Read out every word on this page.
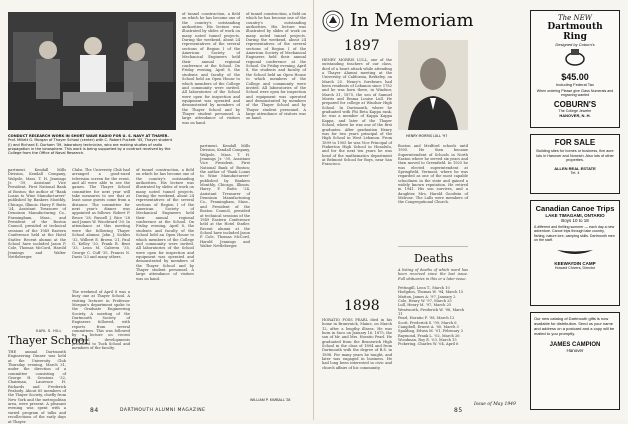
of tunnel construction, a field on which he has become one of the country's outstanding authorities. His lecture was illustrated by slides of work on many noted tunnel projects. During the weekend, about 24 representatives of the several sections of Region I of the American Society of Mechanical Engineers held their annual regional conference at the School. On Friday evening, April 8, the students and faculty of the School held an Open House to which members of the College and community were invited. All laboratories of the School were open for inspection and equipment was operated and demonstrated by members of the Thayer School and by Thayer student personnel. A large attendance of visitors was on hand.
of tunnel construction, a field on which he has become one of the country's outstanding authorities. His lecture was illustrated by slides of work on many noted tunnel projects. During the weekend, about 24 representatives of the several sections of Region I of the American Society of Mechanical Engineers held their annual regional conference at the School. On Friday evening, April 8, the students and faculty of the School held an Open House to which members of the College and community were invited. All laboratories of the School were open for inspection and equipment was operated and demonstrated by members of the Thayer School and by Thayer student personnel. A large attendance of visitors was on hand.
CONDUCT RESEARCH WORK IN SHORT WAVE RADIO FOR U. S. NAVY AT THAYER. Prof. Millett G. Morgan of Thayer School (center) with C. Robert Puckett '45, Thayer student (l) and Richard E. Durham '39, laboratory technician, who are making studies of radio propagation in the ionosphere. This work is being supported by a contract received by the College from the Office of Naval Research.
partment. Kendall Mills Division, Kendall Company, Walpole, Mass. T. H. Jennings Jr. '39, Assistant Vice President, First National Bank of Boston; the author of "Bank Loans to Wine Manufacturers" published by Bankers Monthly, Chicago, Illinois. Harry F. Butts '24, Assistant Treasurer of Dennison Manufacturing Co., Framingham, Mass., and President of the Boston Council, presided at technical sessions of the 1949 Eastern Conference held at the Hotel Statler. Recent alumni at the School have included Jason P. Cole, Thomas McCord, Harold Jennings and Walter Nettleberger.
KARL S. HILL
Thayer School
THE annual Dartmouth Engineering Dinner was held at the University Club Thursday evening, March 31, under the direction of a committee consisting of George H. Sessions '32, Chairman, Laurence H. Richards and Frederick Peabody. About 65 members of the Thayer Society, chiefly from New York and the metropolitan area, were present. A pleasant evening was spent with a varied program of talks and recollections of the early days at Thayer.
Clubs. The University Club had arranged a good-sized television screen for the event, and all were able to see the games. The Thayer School committee for next year will take measures to see that at least some guests come from a distance. The committee for next year's dinner was appointed as follows: Robert P. Bruce '28, Russell J. Rice '28 and James W. Woodward '30. In attendance at this meeting were the following Thayer School alumni: John J. Sickles '32, Wilbert E. Brown '21, Paul G. Kelley '20, Frank B. Bent '33, Leon M. Cabrera '35, George C. Cuff '35, Francis N. Davis '23 and many others.
The weekend of April 8 was a busy one at Thayer School. A visiting lecturer in Professor Morgan's department spoke to the Graduate Engineering Society. A meeting of the Dartmouth Society of Engineers followed, with reports from several committees. This was followed by a lecture on recent industrial developments presented to Tuck School and members of the faculty.
of tunnel construction, a field on which he has become one of the country's outstanding authorities. His lecture was illustrated by slides of work on many noted tunnel projects. During the weekend, about 24 representatives of the several sections of Region I of the American Society of Mechanical Engineers held their annual regional conference at the School. On Friday evening, April 8, the students and faculty of the School held an Open House to which members of the College and community were invited. All laboratories of the School were open for inspection and equipment was operated and demonstrated by members of the Thayer School and by Thayer student personnel. A large attendance of visitors was on hand.
partment. Kendall Mills Division, Kendall Company, Walpole, Mass. T. H. Jennings Jr. '39, Assistant Vice President, First National Bank of Boston; the author of "Bank Loans to Wine Manufacturers" published by Bankers Monthly, Chicago, Illinois. Harry F. Butts '24, Assistant Treasurer of Dennison Manufacturing Co., Framingham, Mass., and President of the Boston Council, presided at technical sessions of the 1949 Eastern Conference held at the Hotel Statler. Recent alumni at the School have included Jason P. Cole, Thomas McCord, Harold Jennings and Walter Nettleberger.
WILLIAM P. KIMBALL '28
84	DARTMOUTH ALUMNI MAGAZINE
In Memoriam
1897
HENRY MORRIS LULL, one of the outstanding teachers of our class, died of a heart attack while attending a Thayer Alumni meeting at the University of California, Berkeley, on March 25. Henry's forebears had been residents of Lebanon since 1782 and he was born there, in Windsor, March 31, 1875, the son of Samuel Morris and Emma Louise Lull. He prepared for college at Windsor High School. In Dartmouth, where he graduated with Phi Beta Kappa rank, he was a member of Kappa Kappa Kappa, and later of the Thayer School, where he was one of the first graduates. After graduation Henry was for two years principal of the High School in West Lebanon. From 1899 to 1905 he was Vice Principal of Pinkerton High School in Honolulu, and for the next ten years he was head of the mathematics department at Belmont School for Boys, near San Francisco.
HENRY MORRIS LULL '97
Boston and Medford schools until 1905. He then became Superintendent of Schools in North Easton where he served six years and then moved to Greenfield. In 1925 he was elected superintendent at Springfield, Vermont, where he was regarded as one of the most capable schoolmen in the state and gained a widely known reputation. He retired in 1941. His son survives, and a daughter, Mrs. Harold Goodwin of Melrose. The Lulls were members of the Congregational Church.
1898
HORATIO FOSS PEARL died in his home in Brunswick, Maine, on March 12, after a lengthy illness. He was born in Saco on January 16, 1875, the son of Mr. and Mrs. Horatio Pearl. He graduated from the Brunswick High School in the class of 1894 and from Dartmouth with the degree of B.S. in 1898. For many years he taught, and later was engaged in business. He had long been interested in civic and church affairs of his community.
Deaths
A listing of deaths of which word has been received since the last issue. Full obituaries in this or a later issue.
Pettingill, Leon T., March 10
Hodgdon, Thomas W. '94, March 15
Mattox, James A. '97, January 2
Cole, Henry W. '97, March 25
Lull, Henry M. '97, March 25
Wentworth, Frederick W. '98, March 11
Pearl, Horatio F. '98, March 12
Scott, Frederick S. '99, March 6
Campbell, Ernest A. '00, March 3
Spalding, Edwin M. '01, February 3
Raymond, Frank L. '02, March 26
Woodman, Roy E. '03, March 15
Pickering, Charles W. '04, April 6
Issue of May 1949
85
The NEW
Dartmouth
Ring
Designed by Coburn's
$45.00
Including Federal Tax
When ordering Please give Class Numerals and engraving wanted
COBURN'S
The College Jeweler
HANOVER, N. H.
FOR SALE
Building sites for homes or business, five acre lots in Hanover and Norwich. Also lots of other properties.
ALLEN REAL ESTATE
Tel. 4
Canadian Canoe Trips
LAKE TIMAGAMI, ONTARIO
Boys 10 to 18
A different and thrilling summer — each day a new adventure. Canoe trips through lake country, fishing, nature lore, camping skills. Dartmouth men on the staff.
KEEWAYDIN CAMP
Howard Chivers, Director
Our new catalog of Dartmouth gifts is now available for distribution. Send us your name and address on a postcard and a copy will be mailed to you promptly.
JAMES CAMPION
Hanover
